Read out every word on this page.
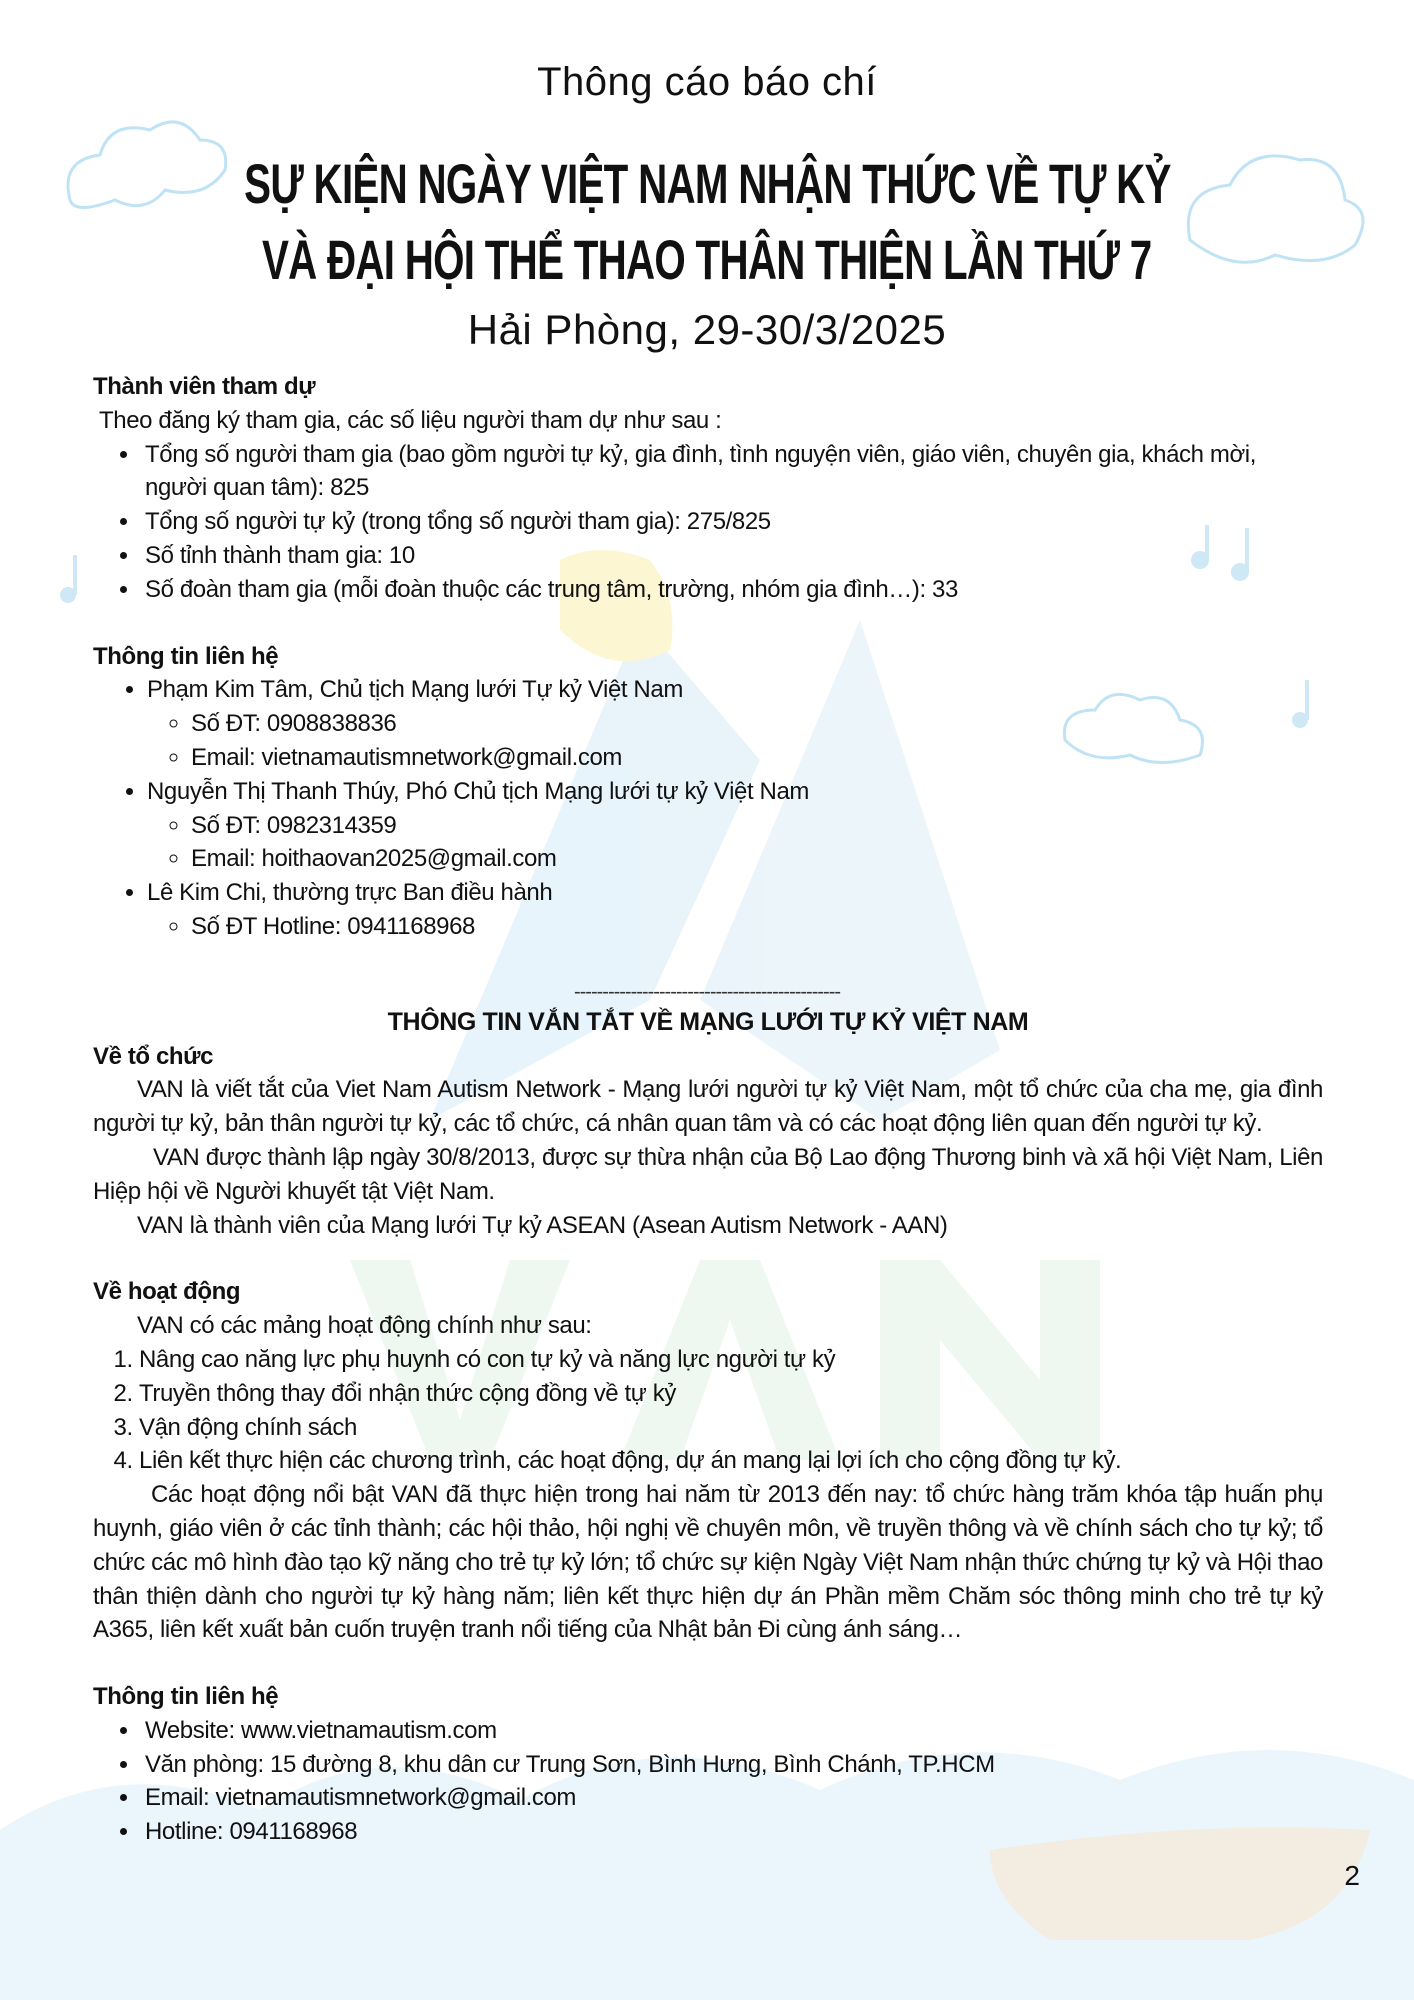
Thông cáo báo chí
SỰ KIỆN NGÀY VIỆT NAM NHẬN THỨC VỀ TỰ KỶ
VÀ ĐẠI HỘI THỂ THAO THÂN THIỆN LẦN THỨ 7
Hải Phòng, 29-30/3/2025
Thành viên tham dự
Theo đăng ký tham gia, các số liệu người tham dự như sau :
• Tổng số người tham gia (bao gồm người tự kỷ, gia đình, tình nguyện viên, giáo viên, chuyên gia, khách mời, người quan tâm): 825
• Tổng số người tự kỷ (trong tổng số người tham gia): 275/825
• Số tỉnh thành tham gia: 10
• Số đoàn tham gia (mỗi đoàn thuộc các trung tâm, trường, nhóm gia đình…): 33
Thông tin liên hệ
• Phạm Kim Tâm, Chủ tịch Mạng lưới Tự kỷ Việt Nam
◦ Số ĐT: 0908838836
◦ Email: vietnamautismnetwork@gmail.com
• Nguyễn Thị Thanh Thúy, Phó Chủ tịch Mạng lưới tự kỷ Việt Nam
◦ Số ĐT: 0982314359
◦ Email: hoithaovan2025@gmail.com
• Lê Kim Chi, thường trực Ban điều hành
◦ Số ĐT Hotline: 0941168968
-----------------------------------------------
THÔNG TIN VẮN TẮT VỀ MẠNG LƯỚI TỰ KỶ VIỆT NAM
Về tổ chức
VAN là viết tắt của Viet Nam Autism Network - Mạng lưới người tự kỷ Việt Nam, một tổ chức của cha mẹ, gia đình người tự kỷ, bản thân người tự kỷ, các tổ chức, cá nhân quan tâm và có các hoạt động liên quan đến người tự kỷ.
VAN được thành lập ngày 30/8/2013, được sự thừa nhận của Bộ Lao động Thương binh và xã hội Việt Nam, Liên Hiệp hội về Người khuyết tật Việt Nam.
VAN là thành viên của Mạng lưới Tự kỷ ASEAN (Asean Autism Network - AAN)
Về hoạt động
VAN có các mảng hoạt động chính như sau:
1. Nâng cao năng lực phụ huynh có con tự kỷ và năng lực người tự kỷ
2. Truyền thông thay đổi nhận thức cộng đồng về tự kỷ
3. Vận động chính sách
4. Liên kết thực hiện các chương trình, các hoạt động, dự án mang lại lợi ích cho cộng đồng tự kỷ.
Các hoạt động nổi bật VAN đã thực hiện trong hai năm từ 2013 đến nay: tổ chức hàng trăm khóa tập huấn phụ huynh, giáo viên ở các tỉnh thành; các hội thảo, hội nghị về chuyên môn, về truyền thông và về chính sách cho tự kỷ; tổ chức các mô hình đào tạo kỹ năng cho trẻ tự kỷ lớn; tổ chức sự kiện Ngày Việt Nam nhận thức chứng tự kỷ và Hội thao thân thiện dành cho người tự kỷ hàng năm; liên kết thực hiện dự án Phần mềm Chăm sóc thông minh cho trẻ tự kỷ A365, liên kết xuất bản cuốn truyện tranh nổi tiếng của Nhật bản Đi cùng ánh sáng…
Thông tin liên hệ
• Website: www.vietnamautism.com
• Văn phòng: 15 đường 8, khu dân cư Trung Sơn, Bình Hưng, Bình Chánh, TP.HCM
• Email: vietnamautismnetwork@gmail.com
• Hotline: 0941168968
2
